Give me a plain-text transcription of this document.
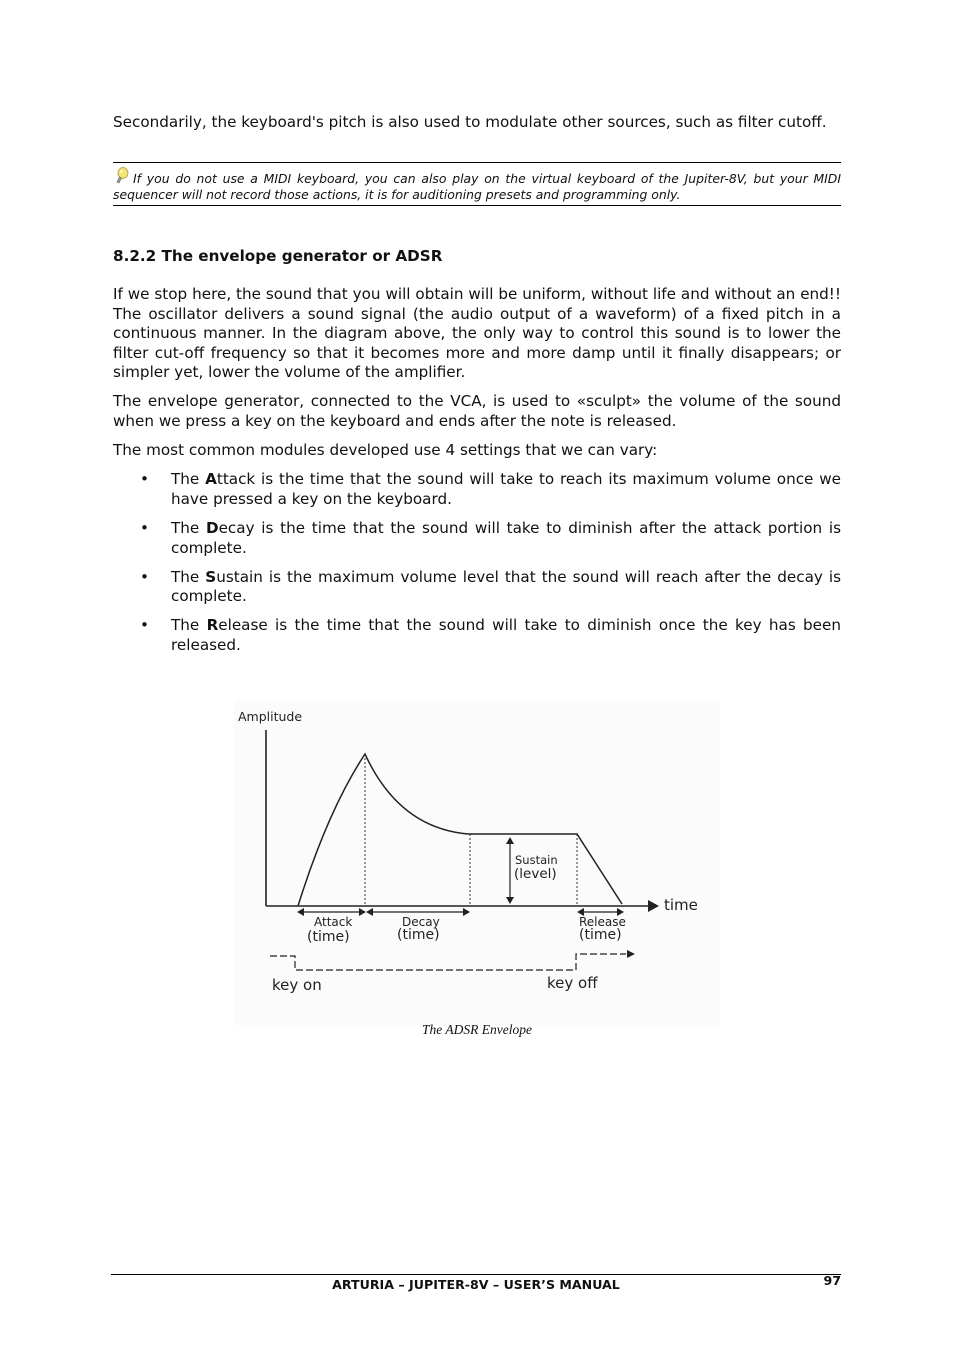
Secondarily, the keyboard's pitch is also used to modulate other sources, such as filter cutoff.

If you do not use a MIDI keyboard, you can also play on the virtual keyboard of the Jupiter-8V, but your MIDI sequencer will not record those actions, it is for auditioning presets and programming only.

8.2.2 The envelope generator or ADSR

If we stop here, the sound that you will obtain will be uniform, without life and without an end!! The oscillator delivers a sound signal (the audio output of a waveform) of a fixed pitch in a continuous manner. In the diagram above, the only way to control this sound is to lower the filter cut-off frequency so that it becomes more and more damp until it finally disappears; or simpler yet, lower the volume of the amplifier.

The envelope generator, connected to the VCA, is used to «sculpt» the volume of the sound when we press a key on the keyboard and ends after the note is released.

The most common modules developed use 4 settings that we can vary:

• The Attack is the time that the sound will take to reach its maximum volume once we have pressed a key on the keyboard.
• The Decay is the time that the sound will take to diminish after the attack portion is complete.
• The Sustain is the maximum volume level that the sound will reach after the decay is complete.
• The Release is the time that the sound will take to diminish once the key has been released.
Amplitude
time
Sustain
(level)
Attack
(time)
Decay
(time)
Release
(time)
key on	key off
The ADSR Envelope
ARTURIA – JUPITER-8V – USER’S MANUAL	97
